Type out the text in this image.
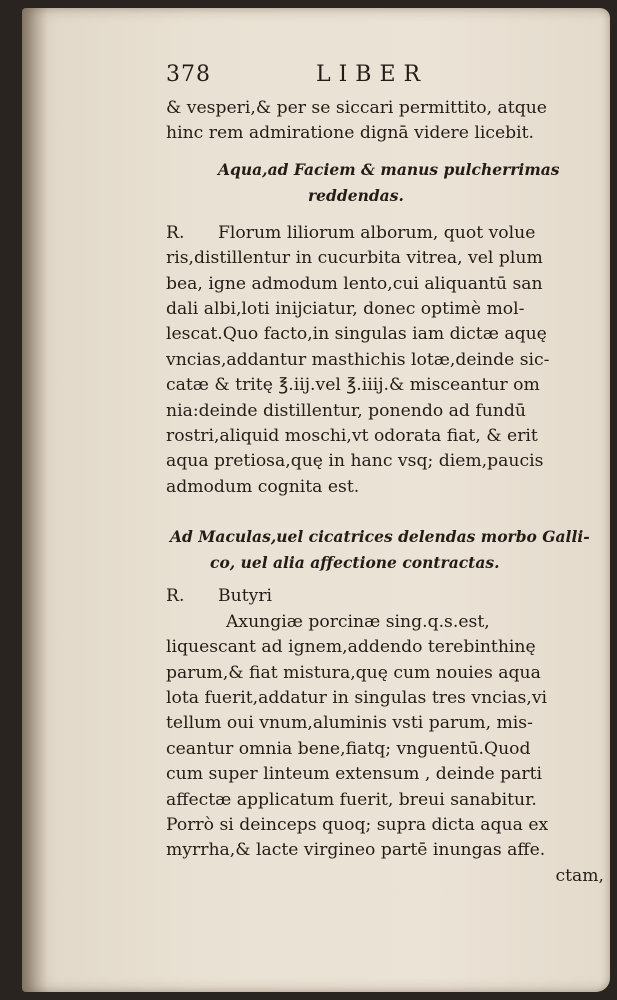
378	LIBER
& vesperi,& per se siccari permittito, atque
hinc rem admiratione dignā videre licebit.
Aqua,ad Faciem & manus pulcherrimas
reddendas.
R. Florum liliorum alborum, quot volue
ris,distillentur in cucurbita vitrea, vel plum
bea, igne admodum lento,cui aliquantū san
dali albi,loti inijciatur, donec optimè mol-
lescat.Quo facto,in singulas iam dictæ aquę
vncias,addantur masthichis lotæ,deinde sic-
catæ & tritę ℥.iij.vel ℥.iiij.& misceantur om
nia:deinde distillentur, ponendo ad fundū
rostri,aliquid moschi,vt odorata fiat, & erit
aqua pretiosa,quę in hanc vsq; diem,paucis
admodum cognita est.
Ad Maculas,uel cicatrices delendas morbo Galli-
co, uel alia affectione contractas.
R. Butyri
Axungiæ porcinæ sing.q.s.est,
liquescant ad ignem,addendo terebinthinę
parum,& fiat mistura,quę cum nouies aqua
lota fuerit,addatur in singulas tres vncias,vi
tellum oui vnum,aluminis vsti parum, mis-
ceantur omnia bene,fiatq; vnguentū.Quod
cum super linteum extensum , deinde parti
affectæ applicatum fuerit, breui sanabitur.
Porrò si deinceps quoq; supra dicta aqua ex
myrrha,& lacte virgineo partē inungas affe.
ctam,
